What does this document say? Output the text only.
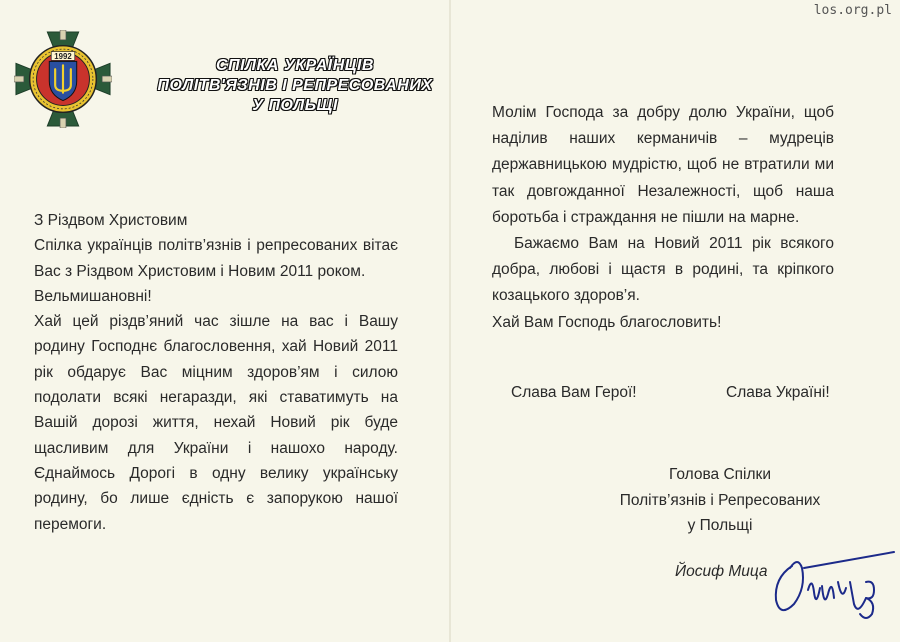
los.org.pl
1992
СПІЛКА УКРАЇНЦІВ
ПОЛІТВ'ЯЗНІВ І РЕПРЕСОВАНИХ
У ПОЛЬЩІ

З Різдвом Христовим

Спілка українців політв’язнів і репресованих вітає Вас з Різдвом Христовим і Новим 2011 роком.

Вельмишановні!

Хай цей різдв’яний час зішле на вас і Вашу родину Господнє благословення, хай Новий 2011 рік обдарує Вас міцним здоров’ям і силою подолати всякі негаразди, які ставатимуть на Вашій дорозі життя, нехай Новий рік буде щасливим для України і нашохо народу. Єднаймось Дорогі в одну велику українську родину, бо лише єдність є запорукою нашої перемоги.

Молім Господа за добру долю України, щоб наділив наших керманичів – мудреців державницькою мудрістю, щоб не втратили ми так довгожданної Незалежності, щоб наша боротьба і страждання не пішли на марне.

Бажаємо Вам на Новий 2011 рік всякого добра, любові і щастя в родині, та кріпкого козацького здоров’я.

Хай Вам Господь благословить!

Слава Вам Герої!	Слава Україні!
Голова Спілки
Політв’язнів і Репресованих
у Польщі
Йосиф Мица
